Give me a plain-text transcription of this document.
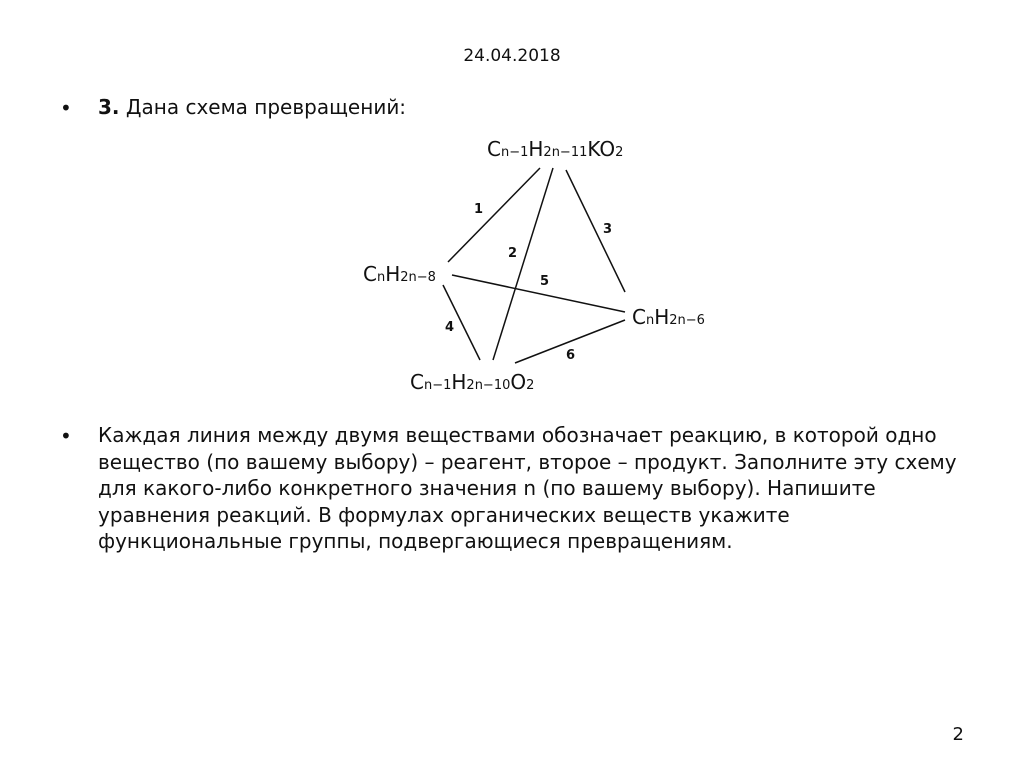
24.04.2018
• 3. Дана схема превращений:
Cn−1H2n−11KO2
CnH2n−8
CnH2n−6
Cn−1H2n−10O2
1
2
3
4
5
6
• Каждая линия между двумя веществами обозначает реакцию, в которой одно вещество (по вашему выбору) – реагент, второе – продукт. Заполните эту схему для какого-либо конкретного значения n (по вашему выбору). Напишите уравнения реакций. В формулах органических веществ укажите функциональные группы, подвергающиеся превращениям.
2
